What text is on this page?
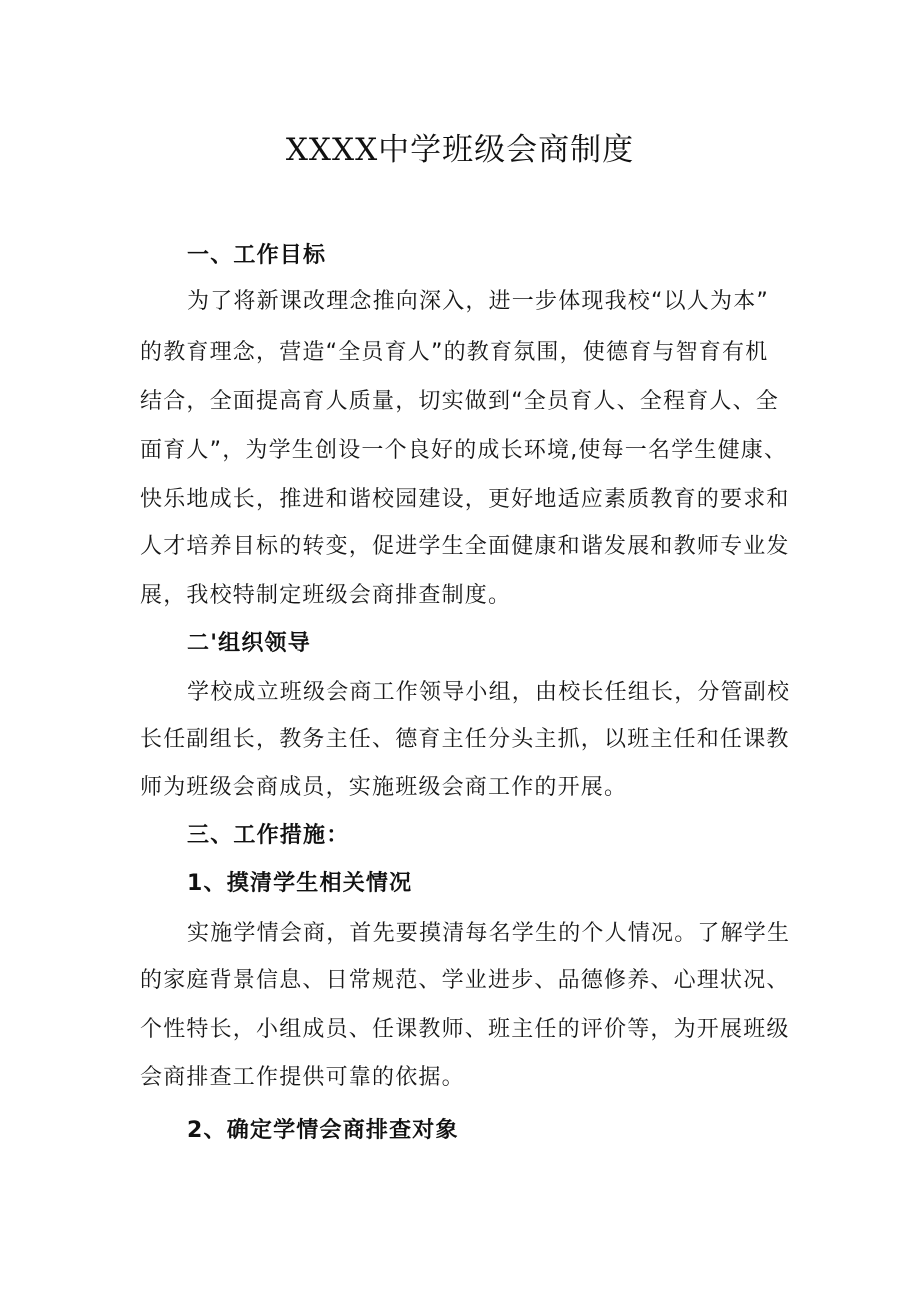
XXXX中学班级会商制度
一、工作目标
为了将新课改理念推向深入，进一步体现我校“以人为本”
的教育理念，营造“全员育人”的教育氛围，使德育与智育有机
结合，全面提高育人质量，切实做到“全员育人、全程育人、全
面育人”，为学生创设一个良好的成长环境,使每一名学生健康、
快乐地成长，推进和谐校园建设，更好地适应素质教育的要求和
人才培养目标的转变，促进学生全面健康和谐发展和教师专业发
展，我校特制定班级会商排查制度。
二'组织领导
学校成立班级会商工作领导小组，由校长任组长，分管副校
长任副组长，教务主任、德育主任分头主抓，以班主任和任课教
师为班级会商成员，实施班级会商工作的开展。
三、工作措施：
1、摸清学生相关情况
实施学情会商，首先要摸清每名学生的个人情况。了解学生
的家庭背景信息、日常规范、学业进步、品德修养、心理状况、
个性特长，小组成员、任课教师、班主任的评价等，为开展班级
会商排查工作提供可靠的依据。
2、确定学情会商排查对象
